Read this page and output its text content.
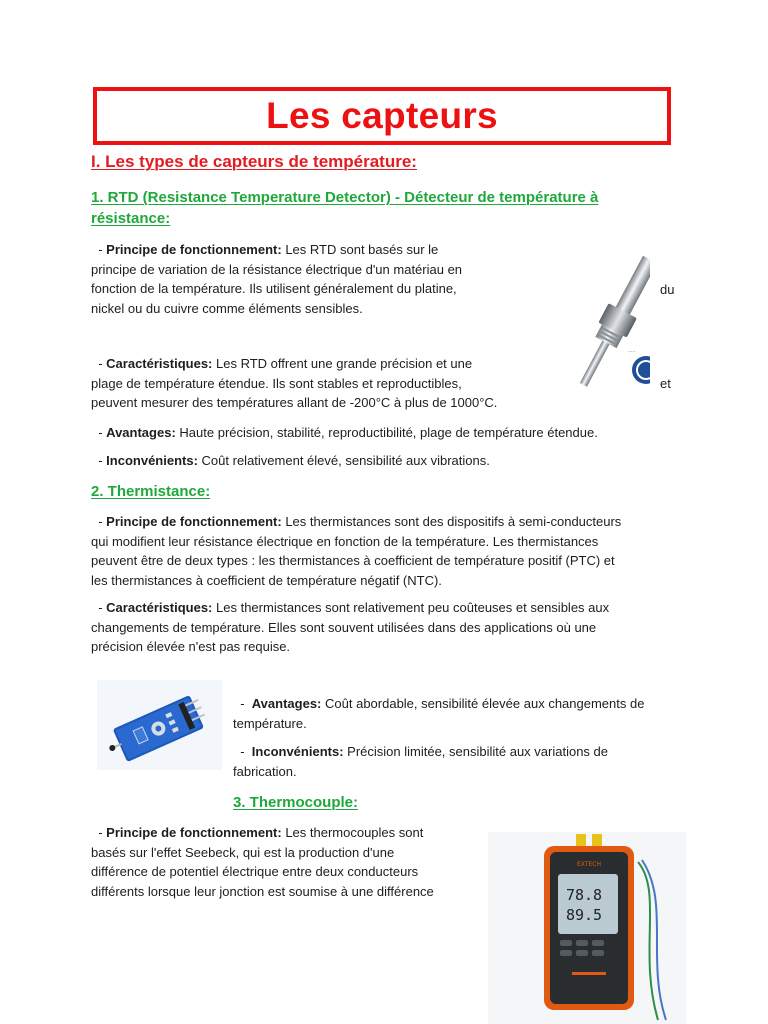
Les capteurs
I. Les types de capteurs de température:
1. RTD (Resistance Temperature Detector) - Détecteur de température à résistance:
- Principe de fonctionnement: Les RTD sont basés sur le
principe de variation de la résistance électrique d'un matériau en
fonction de la température. Ils utilisent généralement du platine,
nickel ou du cuivre comme éléments sensibles.
du
-----
- Caractéristiques: Les RTD offrent une grande précision et une
plage de température étendue. Ils sont stables et reproductibles,
peuvent mesurer des températures allant de -200°C à plus de 1000°C.
et
- Avantages: Haute précision, stabilité, reproductibilité, plage de température étendue.
- Inconvénients: Coût relativement élevé, sensibilité aux vibrations.
2. Thermistance:
- Principe de fonctionnement: Les thermistances sont des dispositifs à semi-conducteurs
qui modifient leur résistance électrique en fonction de la température. Les thermistances
peuvent être de deux types : les thermistances à coefficient de température positif (PTC) et
les thermistances à coefficient de température négatif (NTC).
- Caractéristiques: Les thermistances sont relativement peu coûteuses et sensibles aux
changements de température. Elles sont souvent utilisées dans des applications où une
précision élevée n'est pas requise.
-  Avantages: Coût abordable, sensibilité élevée aux changements de
température.
-  Inconvénients: Précision limitée, sensibilité aux variations de
fabrication.
3. Thermocouple:
- Principe de fonctionnement: Les thermocouples sont
basés sur l'effet Seebeck, qui est la production d'une
différence de potentiel électrique entre deux conducteurs
différents lorsque leur jonction est soumise à une différence	78.8
89.5
EXTECH
